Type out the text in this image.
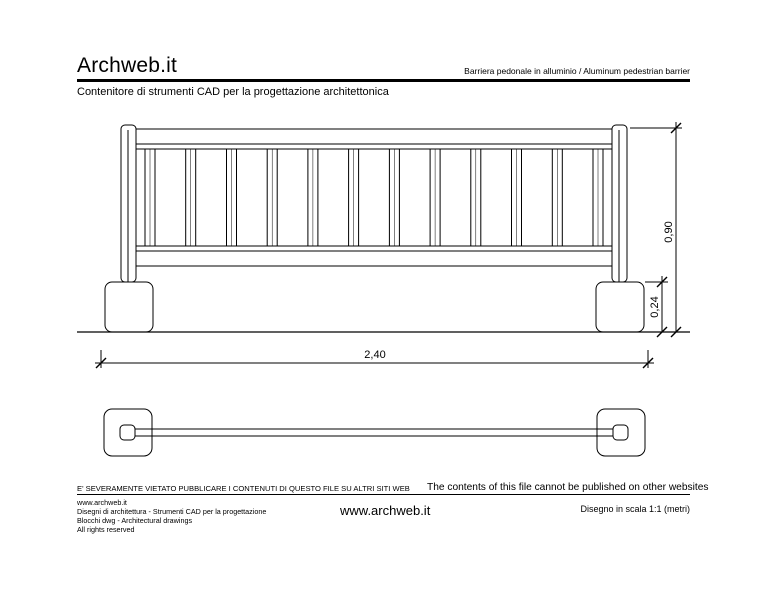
Archweb.it	Barriera pedonale in alluminio / Aluminum pedestrian barrier
Contenitore di strumenti CAD per la progettazione architettonica
0,90
0,24
2,40
E' SEVERAMENTE VIETATO PUBBLICARE I CONTENUTI DI QUESTO FILE SU ALTRI SITI WEB The contents of this file cannot be published on other websites
www.archweb.it
Disegni di architettura - Strumenti CAD per la progettazione
Blocchi dwg - Architectural drawings
All rights reserved
www.archweb.it	Disegno in scala 1:1 (metri)
